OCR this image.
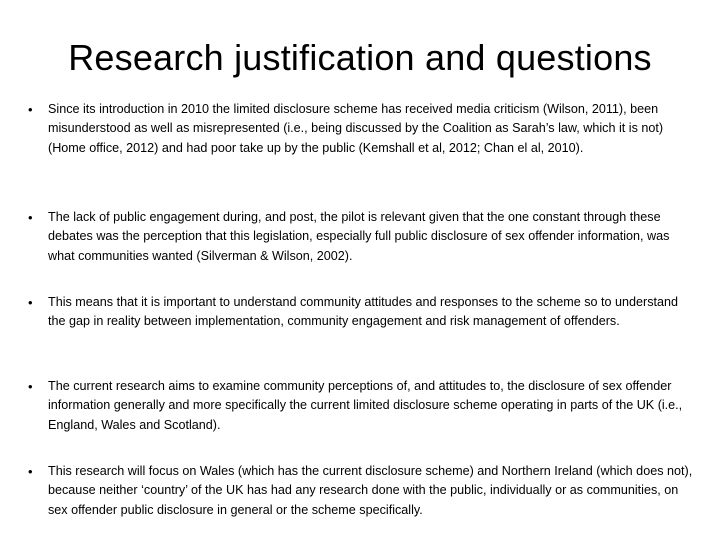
Research justification and questions
• Since its introduction in 2010 the limited disclosure scheme has received media criticism (Wilson, 2011), been misunderstood as well as misrepresented (i.e., being discussed by the Coalition as Sarah’s law, which it is not) (Home office, 2012) and had poor take up by the public (Kemshall et al, 2012; Chan el al, 2010).

• The lack of public engagement during, and post, the pilot is relevant given that the one constant through these debates was the perception that this legislation, especially full public disclosure of sex offender information, was what communities wanted (Silverman & Wilson, 2002).

• This means that it is important to understand community attitudes and responses to the scheme so to understand the gap in reality between implementation, community engagement and risk management of offenders.

• The current research aims to examine community perceptions of, and attitudes to, the disclosure of sex offender information generally and more specifically the current limited disclosure scheme operating in parts of the UK (i.e., England, Wales and Scotland).

• This research will focus on Wales (which has the current disclosure scheme) and Northern Ireland (which does not), because neither ‘country’ of the UK has had any research done with the public, individually or as communities, on sex offender public disclosure in general or the scheme specifically.
